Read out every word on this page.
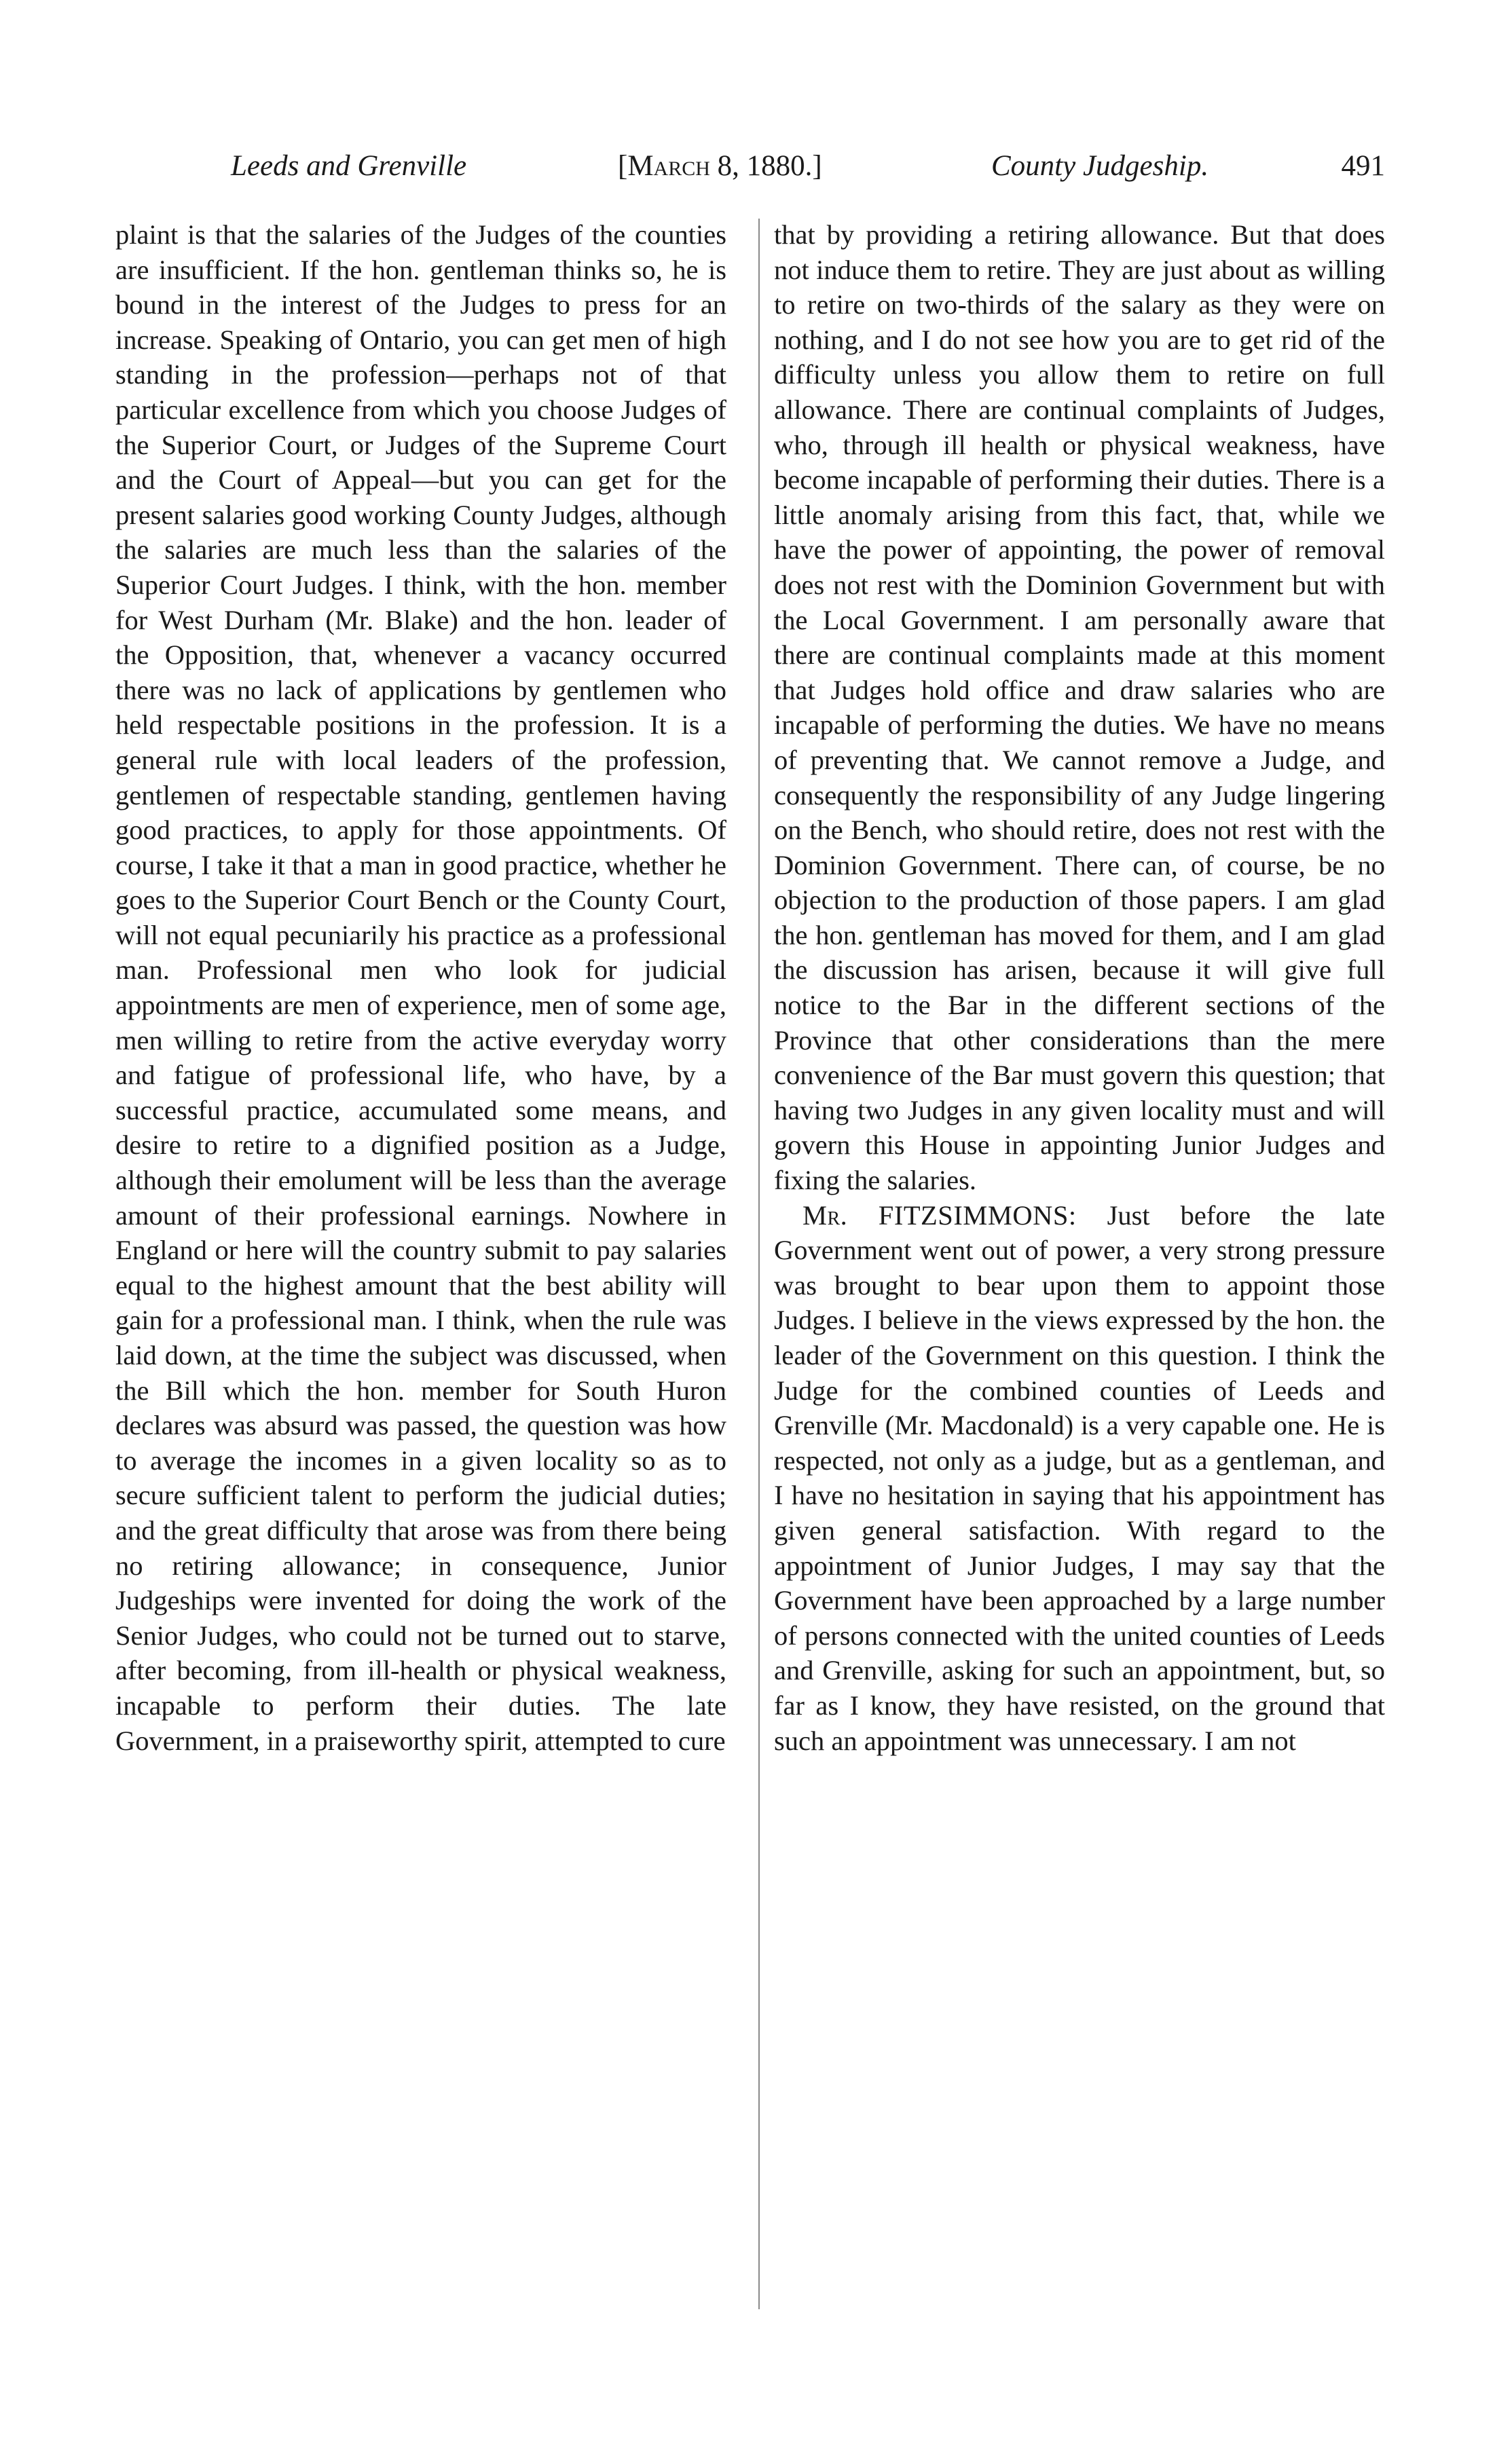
Leeds and Grenville	[March 8, 1880.]	County Judgeship.	491

plaint is that the salaries of the Judges of the counties are insufficient. If the hon. gentleman thinks so, he is bound in the interest of the Judges to press for an increase. Speaking of Ontario, you can get men of high standing in the profession—perhaps not of that particular excellence from which you choose Judges of the Superior Court, or Judges of the Supreme Court and the Court of Appeal—but you can get for the present salaries good working County Judges, although the salaries are much less than the salaries of the Superior Court Judges. I think, with the hon. member for West Durham (Mr. Blake) and the hon. leader of the Opposition, that, whenever a vacancy occurred there was no lack of applications by gentlemen who held respectable positions in the profession. It is a general rule with local leaders of the profession, gentlemen of respectable standing, gentlemen having good practices, to apply for those appointments. Of course, I take it that a man in good practice, whether he goes to the Superior Court Bench or the County Court, will not equal pecuniarily his practice as a professional man. Professional men who look for judicial appointments are men of experience, men of some age, men willing to retire from the active everyday worry and fatigue of professional life, who have, by a successful practice, accumulated some means, and desire to retire to a dignified position as a Judge, although their emolument will be less than the average amount of their professional earnings. Nowhere in England or here will the country submit to pay salaries equal to the highest amount that the best ability will gain for a professional man. I think, when the rule was laid down, at the time the subject was discussed, when the Bill which the hon. member for South Huron declares was absurd was passed, the question was how to average the incomes in a given locality so as to secure sufficient talent to perform the judicial duties; and the great difficulty that arose was from there being no retiring allowance; in consequence, Junior Judgeships were invented for doing the work of the Senior Judges, who could not be turned out to starve, after becoming, from ill-health or physical weakness, incapable to perform their duties. The late Government, in a praiseworthy spirit, attempted to cure

that by providing a retiring allowance. But that does not induce them to retire. They are just about as willing to retire on two-thirds of the salary as they were on nothing, and I do not see how you are to get rid of the difficulty unless you allow them to retire on full allowance. There are continual complaints of Judges, who, through ill health or physical weakness, have become incapable of performing their duties. There is a little anomaly arising from this fact, that, while we have the power of appointing, the power of removal does not rest with the Dominion Government but with the Local Government. I am personally aware that there are continual complaints made at this moment that Judges hold office and draw salaries who are incapable of performing the duties. We have no means of preventing that. We cannot remove a Judge, and consequently the responsibility of any Judge lingering on the Bench, who should retire, does not rest with the Dominion Government. There can, of course, be no objection to the production of those papers. I am glad the hon. gentleman has moved for them, and I am glad the discussion has arisen, because it will give full notice to the Bar in the different sections of the Province that other considerations than the mere convenience of the Bar must govern this question; that having two Judges in any given locality must and will govern this House in appointing Junior Judges and fixing the salaries.

Mr. FITZSIMMONS: Just before the late Government went out of power, a very strong pressure was brought to bear upon them to appoint those Judges. I believe in the views expressed by the hon. the leader of the Government on this question. I think the Judge for the combined counties of Leeds and Grenville (Mr. Macdonald) is a very capable one. He is respected, not only as a judge, but as a gentleman, and I have no hesitation in saying that his appointment has given general satisfaction. With regard to the appointment of Junior Judges, I may say that the Government have been approached by a large number of persons connected with the united counties of Leeds and Grenville, asking for such an appointment, but, so far as I know, they have resisted, on the ground that such an appointment was unnecessary. I am not
